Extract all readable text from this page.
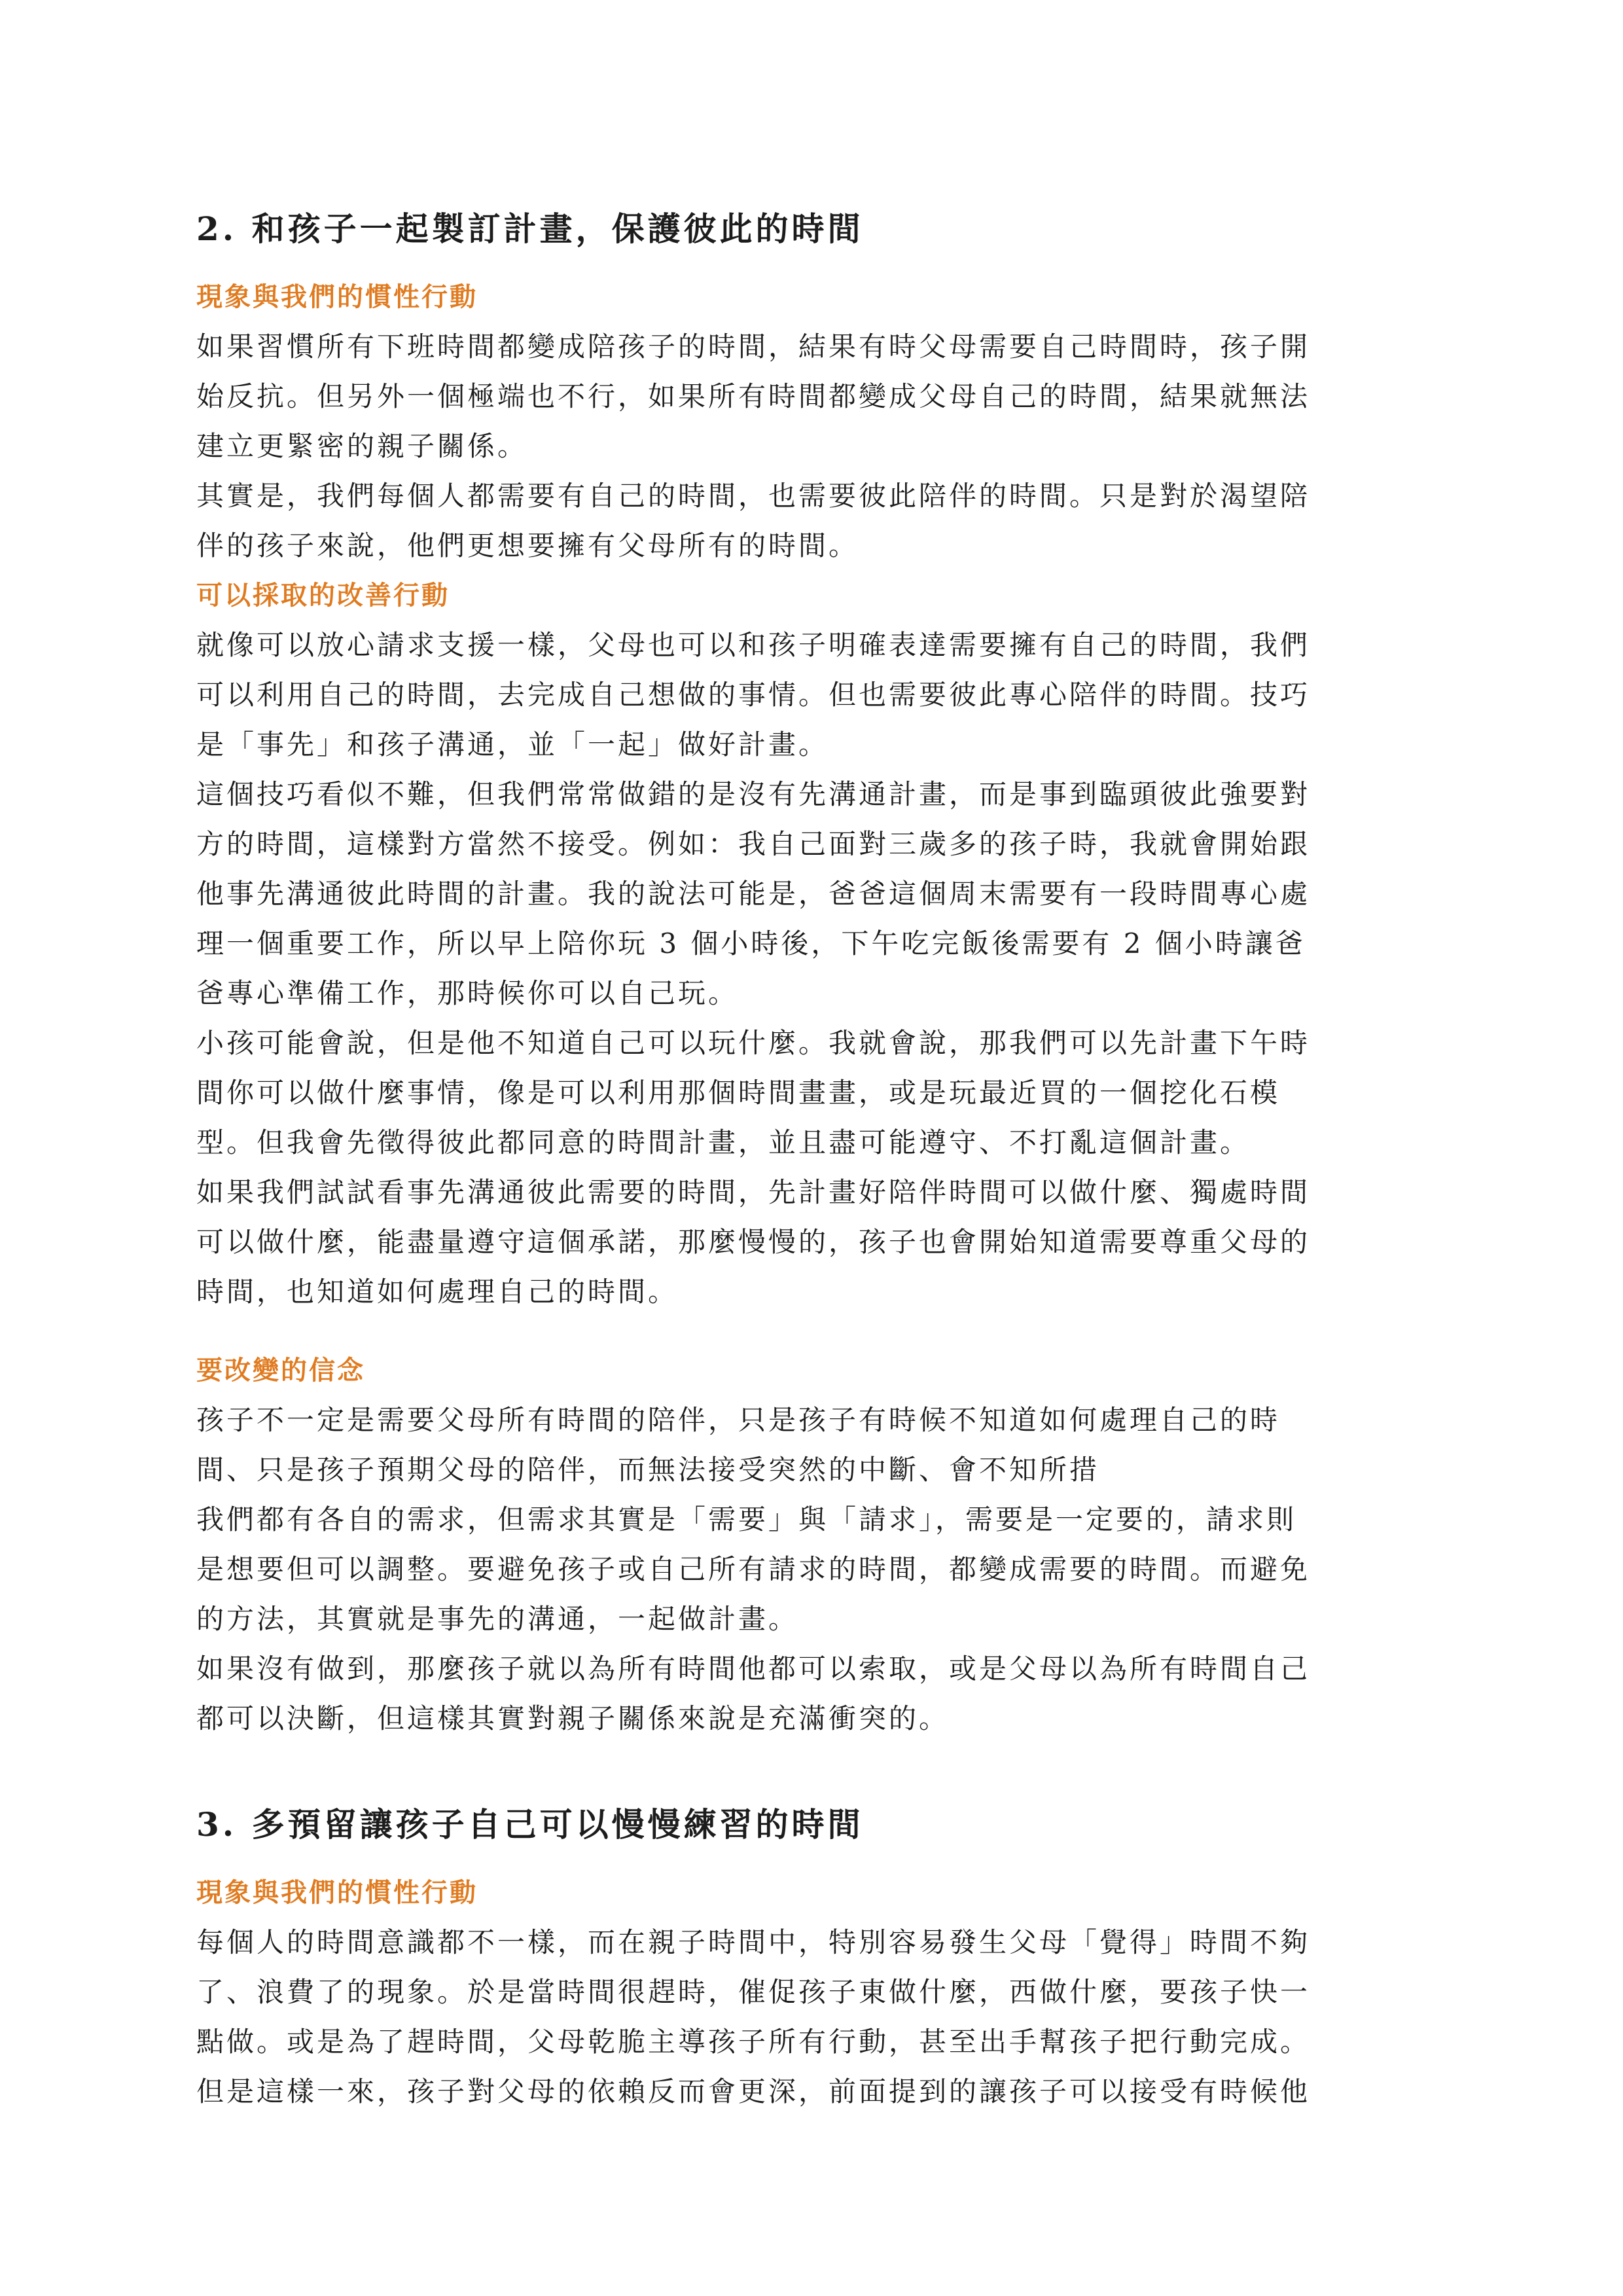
2. 和孩子一起製訂計畫，保護彼此的時間
現象與我們的慣性行動

如果習慣所有下班時間都變成陪孩子的時間，結果有時父母需要自己時間時，孩子開
始反抗。但另外一個極端也不行，如果所有時間都變成父母自己的時間，結果就無法
建立更緊密的親子關係。

其實是，我們每個人都需要有自己的時間，也需要彼此陪伴的時間。只是對於渴望陪
伴的孩子來說，他們更想要擁有父母所有的時間。

可以採取的改善行動

就像可以放心請求支援一樣，父母也可以和孩子明確表達需要擁有自己的時間，我們
可以利用自己的時間，去完成自己想做的事情。但也需要彼此專心陪伴的時間。技巧
是「事先」和孩子溝通，並「一起」做好計畫。

這個技巧看似不難，但我們常常做錯的是沒有先溝通計畫，而是事到臨頭彼此強要對
方的時間，這樣對方當然不接受。例如：我自己面對三歲多的孩子時，我就會開始跟
他事先溝通彼此時間的計畫。我的說法可能是，爸爸這個周末需要有一段時間專心處
理一個重要工作，所以早上陪你玩 3 個小時後，下午吃完飯後需要有 2 個小時讓爸
爸專心準備工作，那時候你可以自己玩。

小孩可能會說，但是他不知道自己可以玩什麼。我就會說，那我們可以先計畫下午時
間你可以做什麼事情，像是可以利用那個時間畫畫，或是玩最近買的一個挖化石模
型。但我會先徵得彼此都同意的時間計畫，並且盡可能遵守、不打亂這個計畫。

如果我們試試看事先溝通彼此需要的時間，先計畫好陪伴時間可以做什麼、獨處時間
可以做什麼，能盡量遵守這個承諾，那麼慢慢的，孩子也會開始知道需要尊重父母的
時間，也知道如何處理自己的時間。

要改變的信念

孩子不一定是需要父母所有時間的陪伴，只是孩子有時候不知道如何處理自己的時
間、只是孩子預期父母的陪伴，而無法接受突然的中斷、會不知所措

我們都有各自的需求，但需求其實是「需要」與「請求」，需要是一定要的，請求則
是想要但可以調整。要避免孩子或自己所有請求的時間，都變成需要的時間。而避免
的方法，其實就是事先的溝通，一起做計畫。

如果沒有做到，那麼孩子就以為所有時間他都可以索取，或是父母以為所有時間自己
都可以決斷，但這樣其實對親子關係來說是充滿衝突的。

3. 多預留讓孩子自己可以慢慢練習的時間
現象與我們的慣性行動

每個人的時間意識都不一樣，而在親子時間中，特別容易發生父母「覺得」時間不夠
了、浪費了的現象。於是當時間很趕時，催促孩子東做什麼，西做什麼，要孩子快一
點做。或是為了趕時間，父母乾脆主導孩子所有行動，甚至出手幫孩子把行動完成。
但是這樣一來，孩子對父母的依賴反而會更深，前面提到的讓孩子可以接受有時候他
